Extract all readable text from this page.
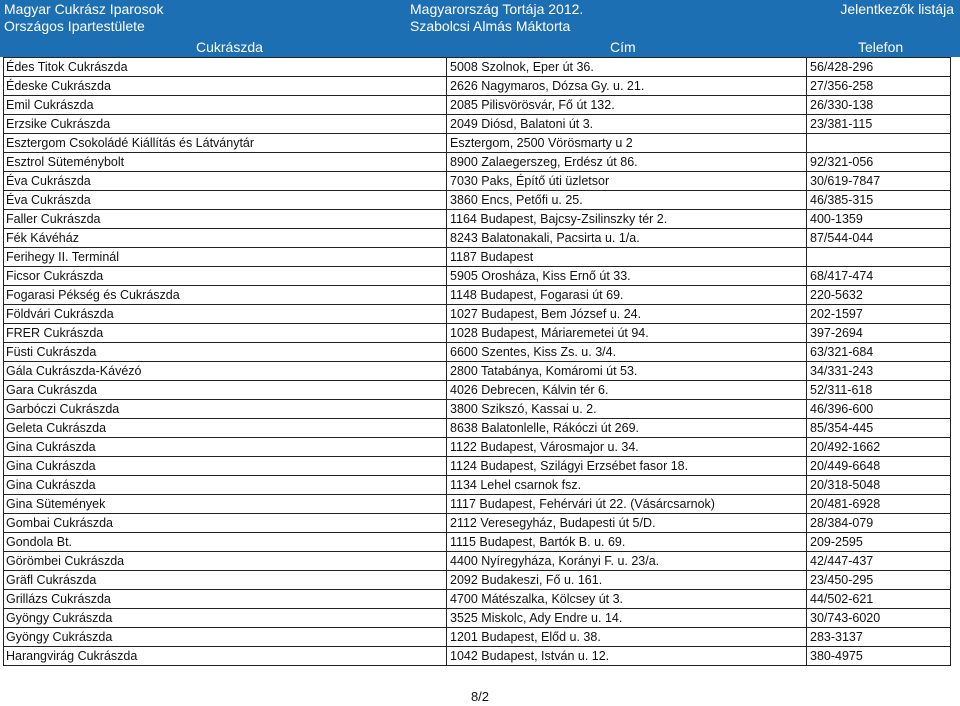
Magyar Cukrász Iparosok
Országos Ipartestülete
Magyarország Tortája 2012.
Szabolcsi Almás Máktorta
Jelentkezők listája
Cukrászda	Cím	Telefon
Édes Titok Cukrászda	5008 Szolnok, Eper út 36.	56/428-296
Édeske Cukrászda	2626 Nagymaros, Dózsa Gy. u. 21.	27/356-258
Emil Cukrászda	2085 Pilisvörösvár, Fő út 132.	26/330-138
Erzsike Cukrászda	2049 Diósd, Balatoni út 3.	23/381-115
Esztergom Csokoládé Kiállítás és Látványtár	Esztergom, 2500 Vörösmarty u 2
Esztrol Süteménybolt	8900 Zalaegerszeg, Erdész út 86.	92/321-056
Éva Cukrászda	7030 Paks, Építő úti üzletsor	30/619-7847
Éva Cukrászda	3860 Encs, Petőfi u. 25.	46/385-315
Faller Cukrászda	1164 Budapest, Bajcsy-Zsilinszky tér 2.	400-1359
Fék Kávéház	8243 Balatonakali, Pacsirta u. 1/a.	87/544-044
Ferihegy II. Terminál	1187 Budapest
Ficsor Cukrászda	5905 Orosháza, Kiss Ernő út 33.	68/417-474
Fogarasi Pékség és Cukrászda	1148 Budapest, Fogarasi út 69.	220-5632
Földvári Cukrászda	1027 Budapest, Bem József u. 24.	202-1597
FRER Cukrászda	1028 Budapest, Máriaremetei út 94.	397-2694
Füsti Cukrászda	6600 Szentes, Kiss Zs. u. 3/4.	63/321-684
Gála Cukrászda-Kávézó	2800 Tatabánya, Komáromi út 53.	34/331-243
Gara Cukrászda	4026 Debrecen, Kálvin tér 6.	52/311-618
Garbóczi Cukrászda	3800 Szikszó, Kassai u. 2.	46/396-600
Geleta Cukrászda	8638 Balatonlelle, Rákóczi út 269.	85/354-445
Gina Cukrászda	1122 Budapest, Városmajor u. 34.	20/492-1662
Gina Cukrászda	1124 Budapest, Szilágyi Erzsébet fasor 18.	20/449-6648
Gina Cukrászda	1134 Lehel csarnok fsz.	20/318-5048
Gina Sütemények	1117 Budapest, Fehérvári út 22. (Vásárcsarnok)	20/481-6928
Gombai Cukrászda	2112 Veresegyház, Budapesti út 5/D.	28/384-079
Gondola Bt.	1115 Budapest, Bartók B. u. 69.	209-2595
Görömbei Cukrászda	4400 Nyíregyháza, Korányi F. u. 23/a.	42/447-437
Gräfl Cukrászda	2092 Budakeszi, Fő u. 161.	23/450-295
Grillázs Cukrászda	4700 Mátészalka, Kölcsey út 3.	44/502-621
Gyöngy Cukrászda	3525 Miskolc, Ady Endre u. 14.	30/743-6020
Gyöngy Cukrászda	1201 Budapest, Előd u. 38.	283-3137
Harangvirág Cukrászda	1042 Budapest, István u. 12.	380-4975
8/2
